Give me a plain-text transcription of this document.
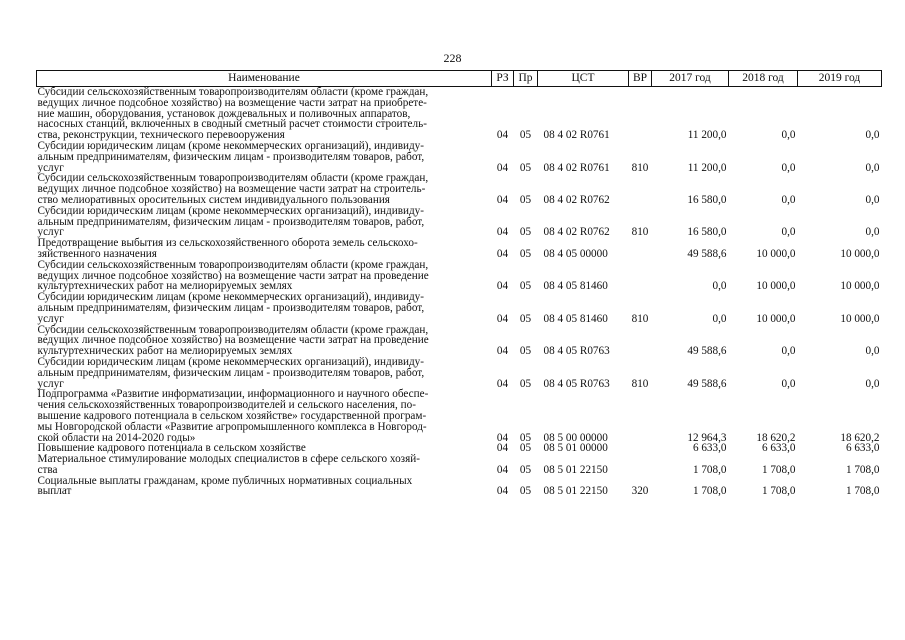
228
Наименование	РЗ	Пр	ЦСТ	ВР	2017 год	2018 год	2019 год

Субсидии сельскохозяйственным товаропроизводителям области (кроме граждан,
ведущих личное подсобное хозяйство) на возмещение части затрат на приобрете-
ние машин, оборудования, установок дождевальных и поливочных аппаратов,
насосных станций, включенных в сводный сметный расчет стоимости строитель-
ства, реконструкции, технического перевооружения	04	05	08 4 02 R0761		11 200,0	0,0	0,0

Субсидии юридическим лицам (кроме некоммерческих организаций), индивиду-
альным предпринимателям, физическим лицам - производителям товаров, работ,
услуг	04	05	08 4 02 R0761	810	11 200,0	0,0	0,0

Субсидии сельскохозяйственным товаропроизводителям области (кроме граждан,
ведущих личное подсобное хозяйство) на возмещение части затрат на строитель-
ство мелиоративных оросительных систем индивидуального пользования	04	05	08 4 02 R0762		16 580,0	0,0	0,0

Субсидии юридическим лицам (кроме некоммерческих организаций), индивиду-
альным предпринимателям, физическим лицам - производителям товаров, работ,
услуг	04	05	08 4 02 R0762	810	16 580,0	0,0	0,0

Предотвращение выбытия из сельскохозяйственного оборота земель сельскохо-
зяйственного назначения	04	05	08 4 05 00000		49 588,6	10 000,0	10 000,0

Субсидии сельскохозяйственным товаропроизводителям области (кроме граждан,
ведущих личное подсобное хозяйство) на возмещение части затрат на проведение
культуртехнических работ на мелиорируемых землях	04	05	08 4 05 81460		0,0	10 000,0	10 000,0

Субсидии юридическим лицам (кроме некоммерческих организаций), индивиду-
альным предпринимателям, физическим лицам - производителям товаров, работ,
услуг	04	05	08 4 05 81460	810	0,0	10 000,0	10 000,0

Субсидии сельскохозяйственным товаропроизводителям области (кроме граждан,
ведущих личное подсобное хозяйство) на возмещение части затрат на проведение
культуртехнических работ на мелиорируемых землях	04	05	08 4 05 R0763		49 588,6	0,0	0,0

Субсидии юридическим лицам (кроме некоммерческих организаций), индивиду-
альным предпринимателям, физическим лицам - производителям товаров, работ,
услуг	04	05	08 4 05 R0763	810	49 588,6	0,0	0,0

Подпрограмма «Развитие информатизации, информационного и научного обеспе-
чения сельскохозяйственных товаропроизводителей и сельского населения, по-
вышение кадрового потенциала в сельском хозяйстве» государственной програм-
мы Новгородской области «Развитие агропромышленного комплекса в Новгород-
ской области на 2014-2020 годы»	04	05	08 5 00 00000		12 964,3	18 620,2	18 620,2

Повышение кадрового потенциала в сельском хозяйстве	04	05	08 5 01 00000		6 633,0	6 633,0	6 633,0

Материальное стимулирование молодых специалистов в сфере сельского хозяй-
ства	04	05	08 5 01 22150		1 708,0	1 708,0	1 708,0

Социальные выплаты гражданам, кроме публичных нормативных социальных
выплат	04	05	08 5 01 22150	320	1 708,0	1 708,0	1 708,0
